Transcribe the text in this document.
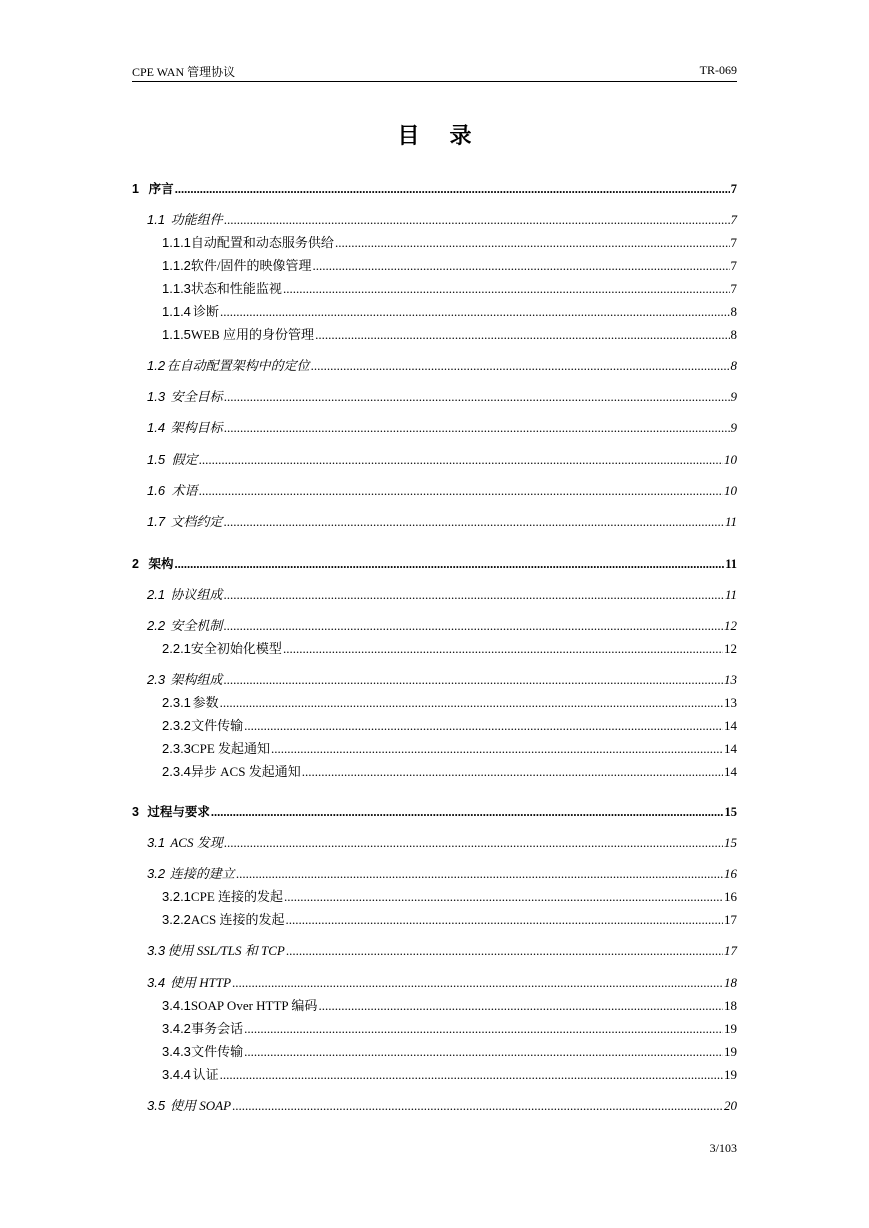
CPE WAN 管理协议	TR-069
目录
1 序言 .....	7
1.1 功能组件 .....	7
1.1.1 自动配置和动态服务供给 .....	7
1.1.2 软件/固件的映像管理 .....	7
1.1.3 状态和性能监视 .....	7
1.1.4 诊断 .....	8
1.1.5 WEB 应用的身份管理 .....	8
1.2 在自动配置架构中的定位 .....	8
1.3 安全目标 .....	9
1.4 架构目标 .....	9
1.5 假定 .....	10
1.6 术语 .....	10
1.7 文档约定 .....	11
2 架构 .....	11
2.1 协议组成 .....	11
2.2 安全机制 .....	12
2.2.1 安全初始化模型 .....	12
2.3 架构组成 .....	13
2.3.1 参数 .....	13
2.3.2 文件传输 .....	14
2.3.3 CPE 发起通知 .....	14
2.3.4 异步 ACS 发起通知 .....	14
3 过程与要求 .....	15
3.1 ACS 发现 .....	15
3.2 连接的建立 .....	16
3.2.1 CPE 连接的发起 .....	16
3.2.2 ACS 连接的发起 .....	17
3.3 使用 SSL/TLS 和 TCP .....	17
3.4 使用 HTTP .....	18
3.4.1 SOAP Over HTTP 编码 .....	18
3.4.2 事务会话 .....	19
3.4.3 文件传输 .....	19
3.4.4 认证 .....	19
3.5 使用 SOAP .....	20
3/103
